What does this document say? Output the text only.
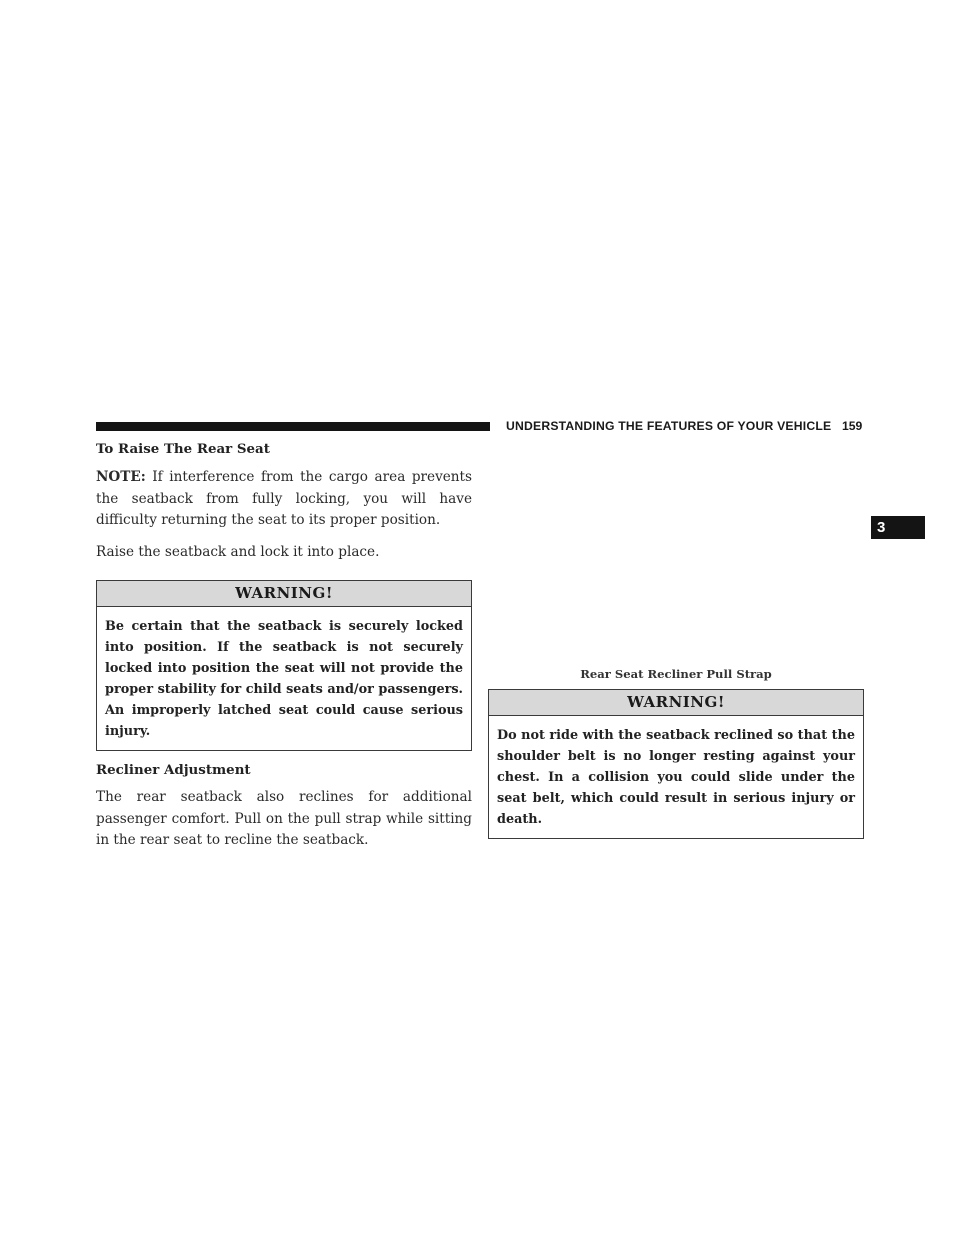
UNDERSTANDING THE FEATURES OF YOUR VEHICLE 159
3

To Raise The Rear Seat

NOTE: If interference from the cargo area prevents the seatback from fully locking, you will have difficulty returning the seat to its proper position.

Raise the seatback and lock it into place.

WARNING!
Be certain that the seatback is securely locked into position. If the seatback is not securely locked into position the seat will not provide the proper stability for child seats and/or passengers. An improperly latched seat could cause serious injury.

Recliner Adjustment

The rear seatback also reclines for additional passenger comfort. Pull on the pull strap while sitting in the rear seat to recline the seatback.

Rear Seat Recliner Pull Strap
WARNING!
Do not ride with the seatback reclined so that the shoulder belt is no longer resting against your chest. In a collision you could slide under the seat belt, which could result in serious injury or death.
